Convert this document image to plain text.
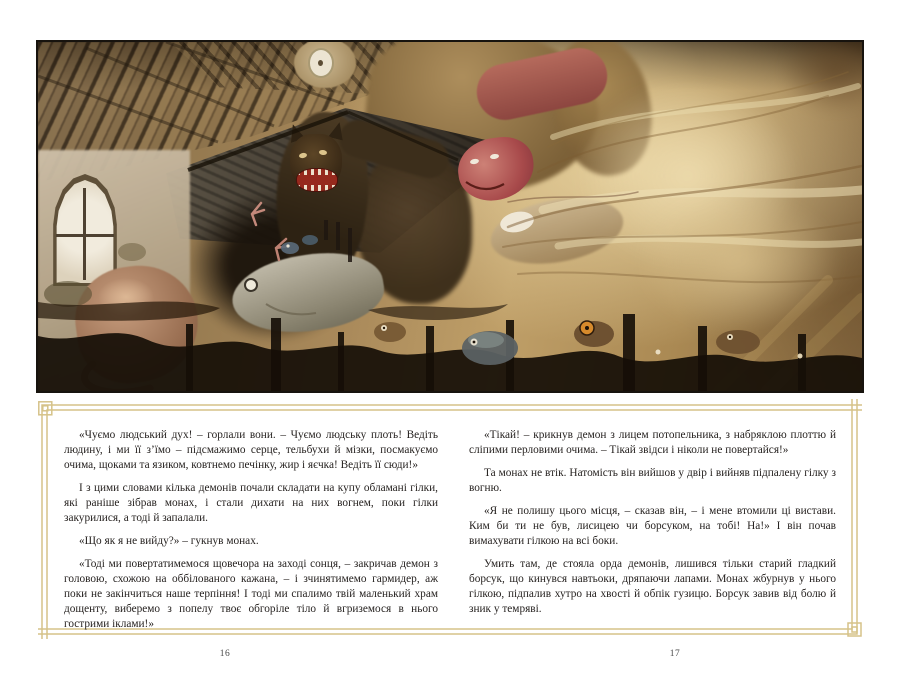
«Чуємо людський дух! – горлали вони. – Чуємо людську плоть! Ведіть людину, і ми її з’їмо – підсмажимо серце, тельбухи й мізки, посмакуємо очима, щоками та язиком, ковтнемо печінку, жир і яєчка! Ведіть її сюди!»

І з цими словами кілька демонів почали складати на купу обламані гілки, які раніше зібрав монах, і стали дихати на них вогнем, поки гілки закурилися, а тоді й запалали.

«Що як я не вийду?» – гукнув монах.

«Тоді ми повертатимемося щовечора на заході сонця, – закричав демон з головою, схожою на оббілованого кажана, – і зчинятимемо гармидер, аж поки не закінчиться наше терпіння! І тоді ми спалимо твій маленький храм дощенту, виберемо з попелу твоє обгоріле тіло й вгриземося в нього гострими іклами!»

«Тікай! – крикнув демон з лицем потопельника, з набряклою плоттю й сліпими перловими очима. – Тікай звідси і ніколи не повертайся!»

Та монах не втік. Натомість він вийшов у двір і вийняв підпалену гілку з вогню.

«Я не полишу цього місця, – сказав він, – і мене втомили ці вистави. Ким би ти не був, лисицею чи борсуком, на тобі! На!» І він почав вимахувати гілкою на всі боки.

Умить там, де стояла орда демонів, лишився тільки старий гладкий борсук, що кинувся навтьоки, дряпаючи лапами. Монах жбурнув у нього гілкою, підпалив хутро на хвості й обпік гузицю. Борсук завив від болю й зник у темряві.

16	17
